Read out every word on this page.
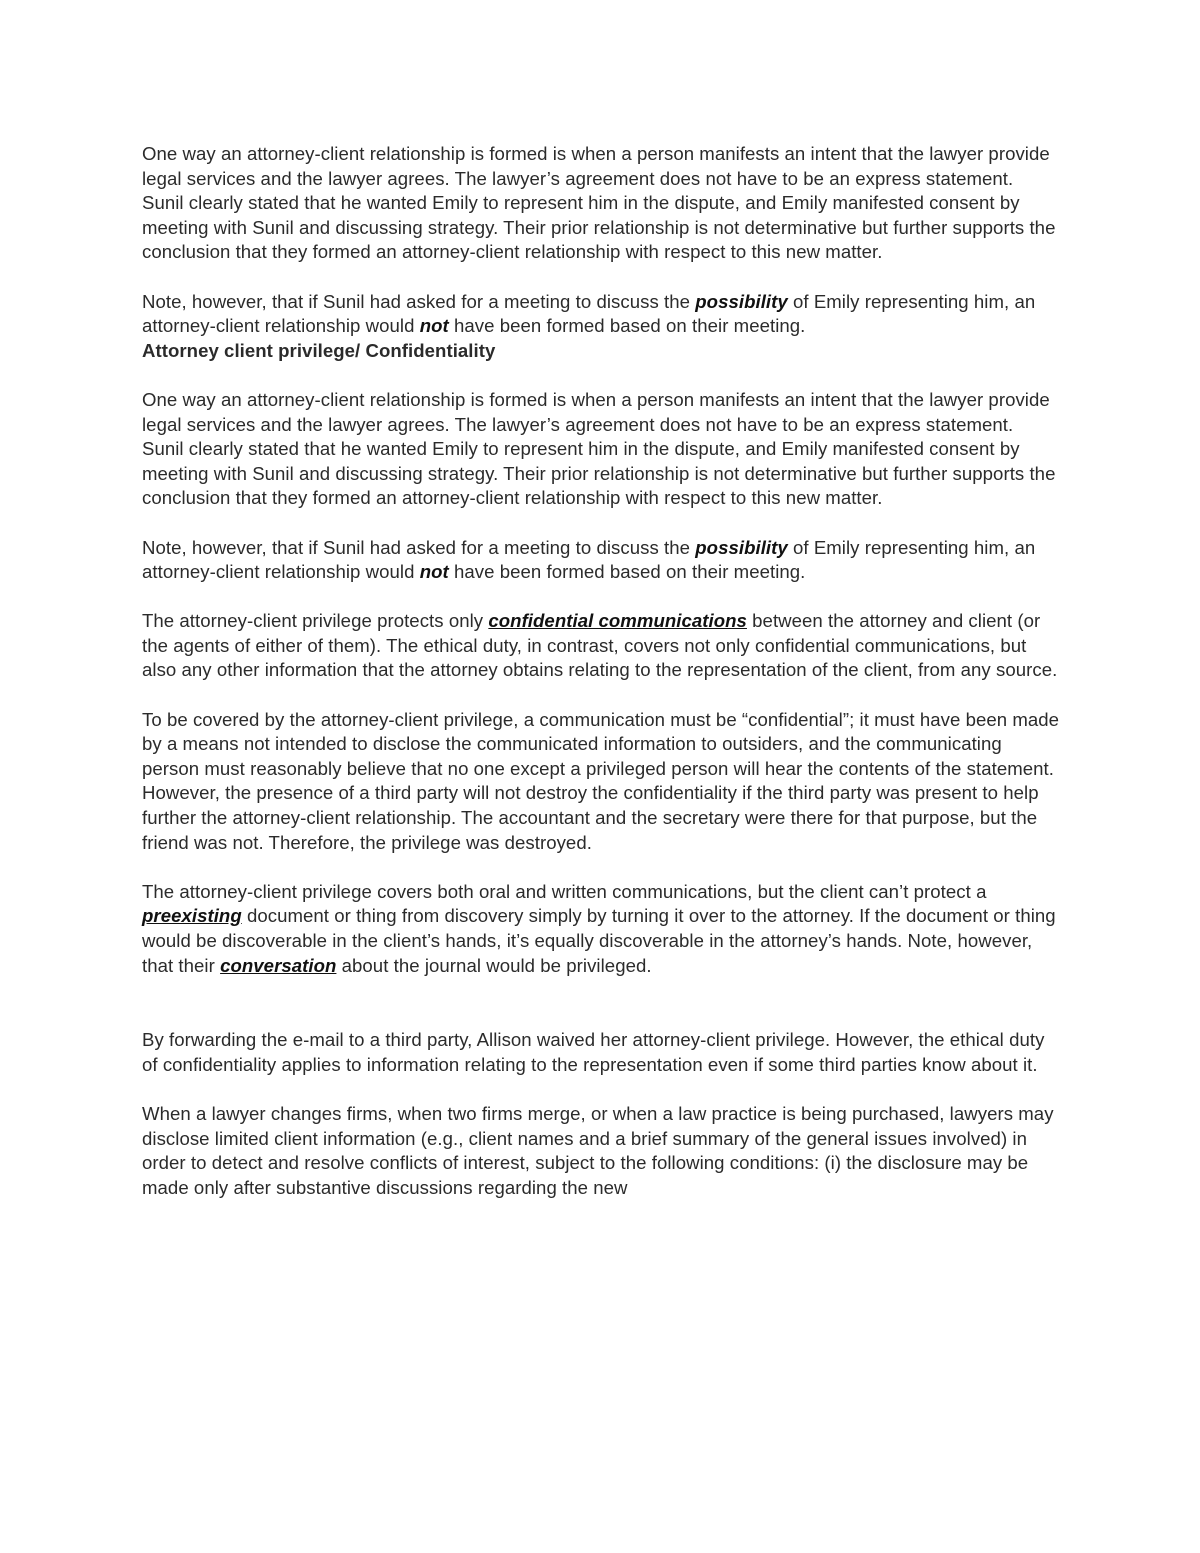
One way an attorney-client relationship is formed is when a person manifests an intent that the lawyer provide legal services and the lawyer agrees. The lawyer’s agreement does not have to be an express statement. Sunil clearly stated that he wanted Emily to represent him in the dispute, and Emily manifested consent by meeting with Sunil and discussing strategy. Their prior relationship is not determinative but further supports the conclusion that they formed an attorney-client relationship with respect to this new matter.

Note, however, that if Sunil had asked for a meeting to discuss the possibility of Emily representing him, an attorney-client relationship would not have been formed based on their meeting.

Attorney client privilege/ Confidentiality

One way an attorney-client relationship is formed is when a person manifests an intent that the lawyer provide legal services and the lawyer agrees. The lawyer’s agreement does not have to be an express statement. Sunil clearly stated that he wanted Emily to represent him in the dispute, and Emily manifested consent by meeting with Sunil and discussing strategy. Their prior relationship is not determinative but further supports the conclusion that they formed an attorney-client relationship with respect to this new matter.

Note, however, that if Sunil had asked for a meeting to discuss the possibility of Emily representing him, an attorney-client relationship would not have been formed based on their meeting.

The attorney-client privilege protects only confidential communications between the attorney and client (or the agents of either of them). The ethical duty, in contrast, covers not only confidential communications, but also any other information that the attorney obtains relating to the representation of the client, from any source.

To be covered by the attorney-client privilege, a communication must be “confidential”; it must have been made by a means not intended to disclose the communicated information to outsiders, and the communicating person must reasonably believe that no one except a privileged person will hear the contents of the statement. However, the presence of a third party will not destroy the confidentiality if the third party was present to help further the attorney-client relationship. The accountant and the secretary were there for that purpose, but the friend was not. Therefore, the privilege was destroyed.

The attorney-client privilege covers both oral and written communications, but the client can’t protect a preexisting document or thing from discovery simply by turning it over to the attorney. If the document or thing would be discoverable in the client’s hands, it’s equally discoverable in the attorney’s hands. Note, however, that their conversation about the journal would be privileged.

By forwarding the e-mail to a third party, Allison waived her attorney-client privilege. However, the ethical duty of confidentiality applies to information relating to the representation even if some third parties know about it.

When a lawyer changes firms, when two firms merge, or when a law practice is being purchased, lawyers may disclose limited client information (e.g., client names and a brief summary of the general issues involved) in order to detect and resolve conflicts of interest, subject to the following conditions: (i) the disclosure may be made only after substantive discussions regarding the new
